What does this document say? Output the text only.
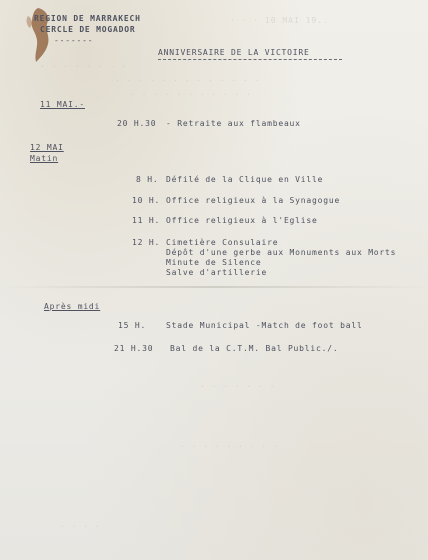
· · · 10 MAI 19..
. . . . . . . .
. . . . . . . . . . . . .
. . . . . . . . . . .
. . . . . . .
. . . . . . . . .
. . . .
REGION DE MARRAKECH
CERCLE DE MOGADOR
-------
ANNIVERSAIRE DE LA VICTOIRE
11 MAI.-
20 H.30 - Retraite aux flambeaux
12 MAI
Matin
8 H. Défilé de la Clique en Ville
10 H. Office religieux à la Synagogue
11 H. Office religieux à l'Eglise
12 H. Cimetière Consulaire
Dépôt d'une gerbe aux Monuments aux Morts
Minute de Silence
Salve d'artillerie
Après midi
15 H. Stade Municipal -Match de foot ball
21 H.30 Bal de la C.T.M. Bal Public./.
